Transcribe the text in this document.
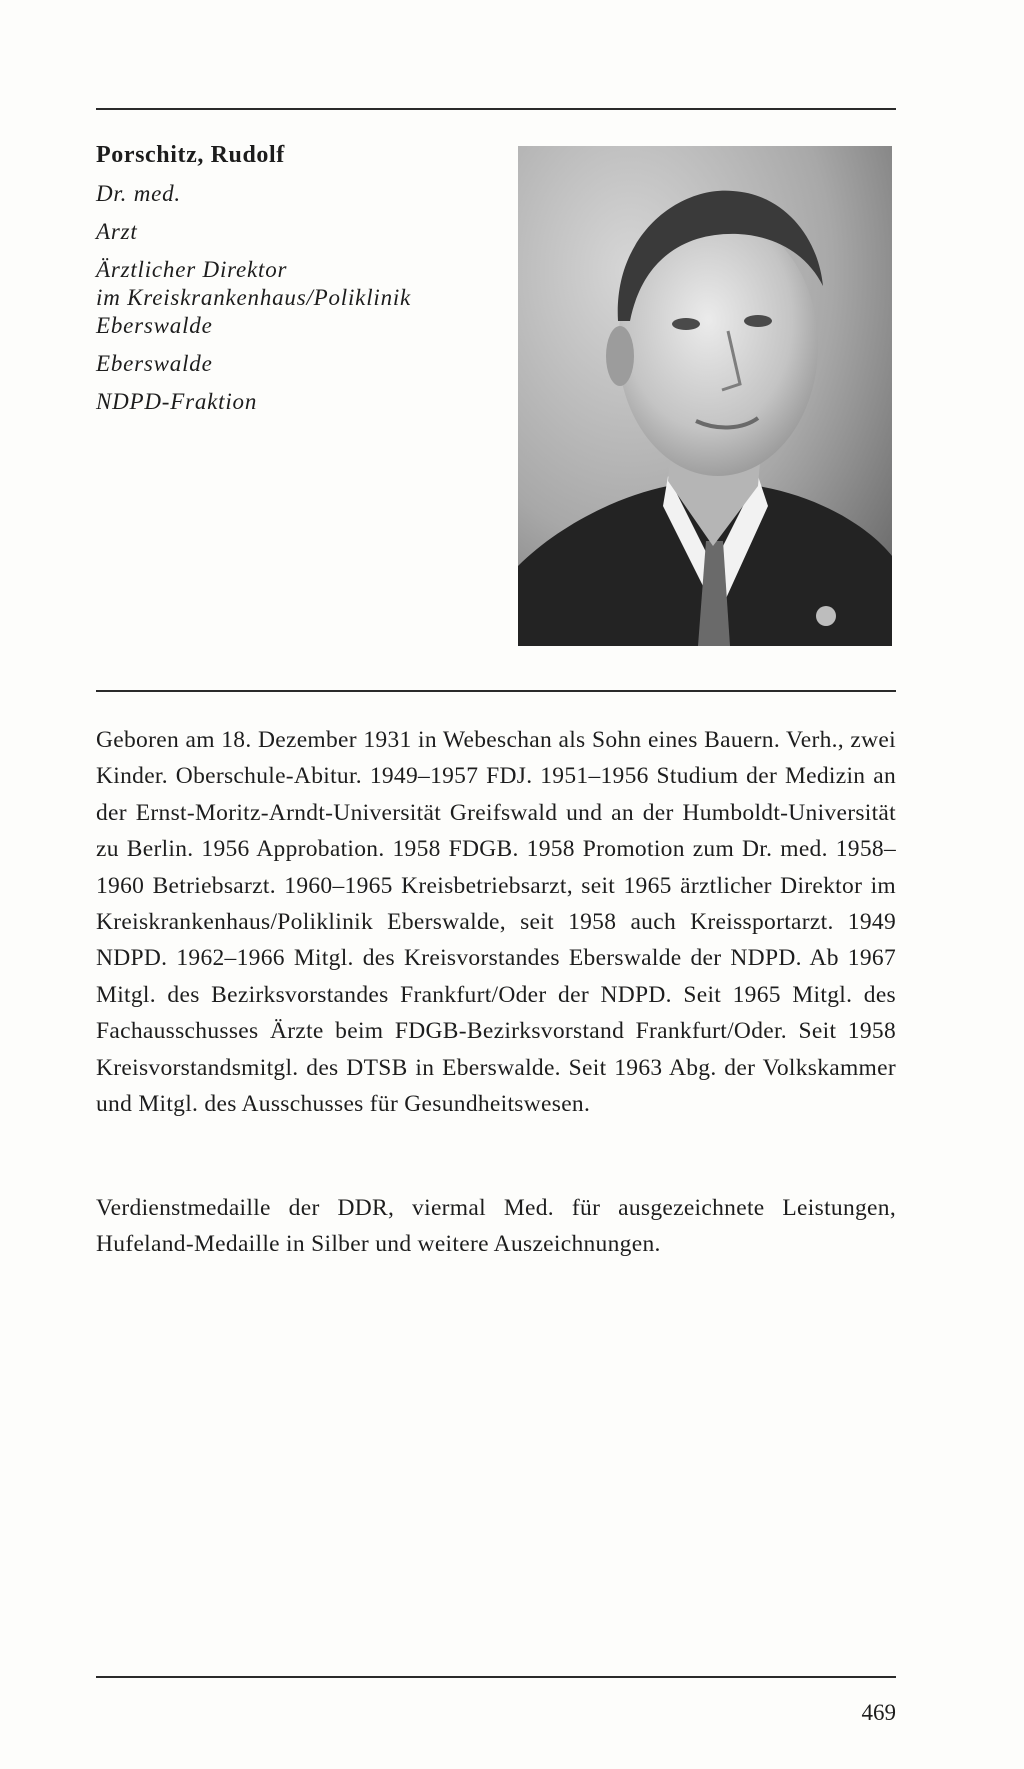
Porschitz, Rudolf
Dr. med.
Arzt
Ärztlicher Direktor
im Kreiskrankenhaus/Poliklinik
Eberswalde
Eberswalde
NDPD-Fraktion

Geboren am 18. Dezember 1931 in Webeschan als Sohn eines Bauern. Verh., zwei Kinder. Oberschule-Abitur. 1949–1957 FDJ. 1951–1956 Studium der Medizin an der Ernst-Moritz-Arndt-Universität Greifswald und an der Humboldt-Universität zu Berlin. 1956 Approbation. 1958 FDGB. 1958 Promotion zum Dr. med. 1958–1960 Betriebsarzt. 1960–1965 Kreisbetriebsarzt, seit 1965 ärztlicher Direktor im Kreiskrankenhaus/Poliklinik Eberswalde, seit 1958 auch Kreissportarzt. 1949 NDPD. 1962–1966 Mitgl. des Kreisvorstandes Eberswalde der NDPD. Ab 1967 Mitgl. des Bezirksvorstandes Frankfurt/Oder der NDPD. Seit 1965 Mitgl. des Fachausschusses Ärzte beim FDGB-Bezirksvorstand Frankfurt/Oder. Seit 1958 Kreisvorstandsmitgl. des DTSB in Eberswalde. Seit 1963 Abg. der Volkskammer und Mitgl. des Ausschusses für Gesundheitswesen.

Verdienstmedaille der DDR, viermal Med. für ausgezeichnete Leistungen, Hufeland-Medaille in Silber und weitere Auszeichnungen.

469
